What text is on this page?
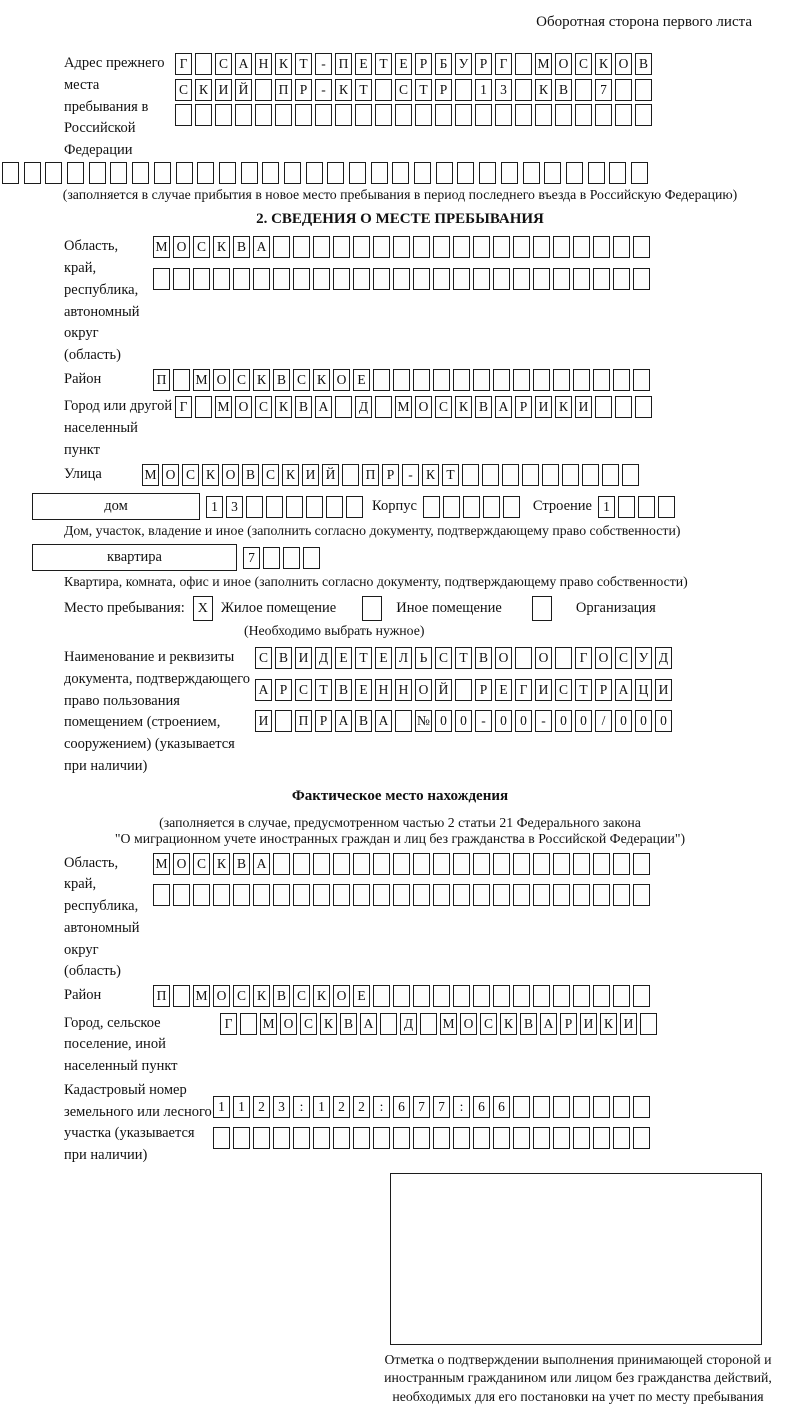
Оборотная сторона первого листа
Адрес прежнего места пребывания в Российской Федерации
Г	С А Н К Т	- П Е Т Е Р Б У Р Г	М О С К О В
С К И Й П Р	- К Т	С Т Р	1 3	К В	7
(заполняется в случае прибытия в новое место пребывания в период последнего въезда в Российскую Федерацию)
2. СВЕДЕНИЯ О МЕСТЕ ПРЕБЫВАНИЯ
Область, край, республика, автономный округ (область)
М О С К В А
Район	П М О С К В С К О Е
Город или другой населенный пункт
Г	М О С К В А Д М О С К В А Р И К И
Улица	М О С К О В С К И Й П Р	- К Т
дом	1 3	Корпус	Строение 1
Дом, участок, владение и иное (заполнить согласно документу, подтверждающему право собственности)
квартира	7
Квартира, комната, офис и иное (заполнить согласно документу, подтверждающему право собственности)
Место пребывания: X Жилое помещение	Иное помещение	Организация
(Необходимо выбрать нужное)
Наименование и реквизиты документа, подтверждающего право пользования помещением (строением, сооружением) (указывается при наличии)
С В И Д Е Т Е Л Ь С Т В О О	Г О С У Д
А Р С Т В Е Н Н О Й	Р Е Г И С Т Р А Ц И
И П Р А В А № 0 0	-	0 0	-	0 0	/	0 0 0
Фактическое место нахождения
(заполняется в случае, предусмотренном частью 2 статьи 21 Федерального закона
"О миграционном учете иностранных граждан и лиц без гражданства в Российской Федерации")
Область, край, республика, автономный округ (область)
М О С К В А
Район	П М О С К В С К О Е
Город, сельское поселение, иной населенный пункт
Г	М О С К В А Д М О С К В А Р И К И
Кадастровый номер земельного или лесного участка (указывается при наличии)
1 1 2 3	:	1 2 2	:	6 7 7	:	6 6
Отметка о подтверждении выполнения принимающей стороной и иностранным гражданином или лицом без гражданства действий, необходимых для его постановки на учет по месту пребывания
